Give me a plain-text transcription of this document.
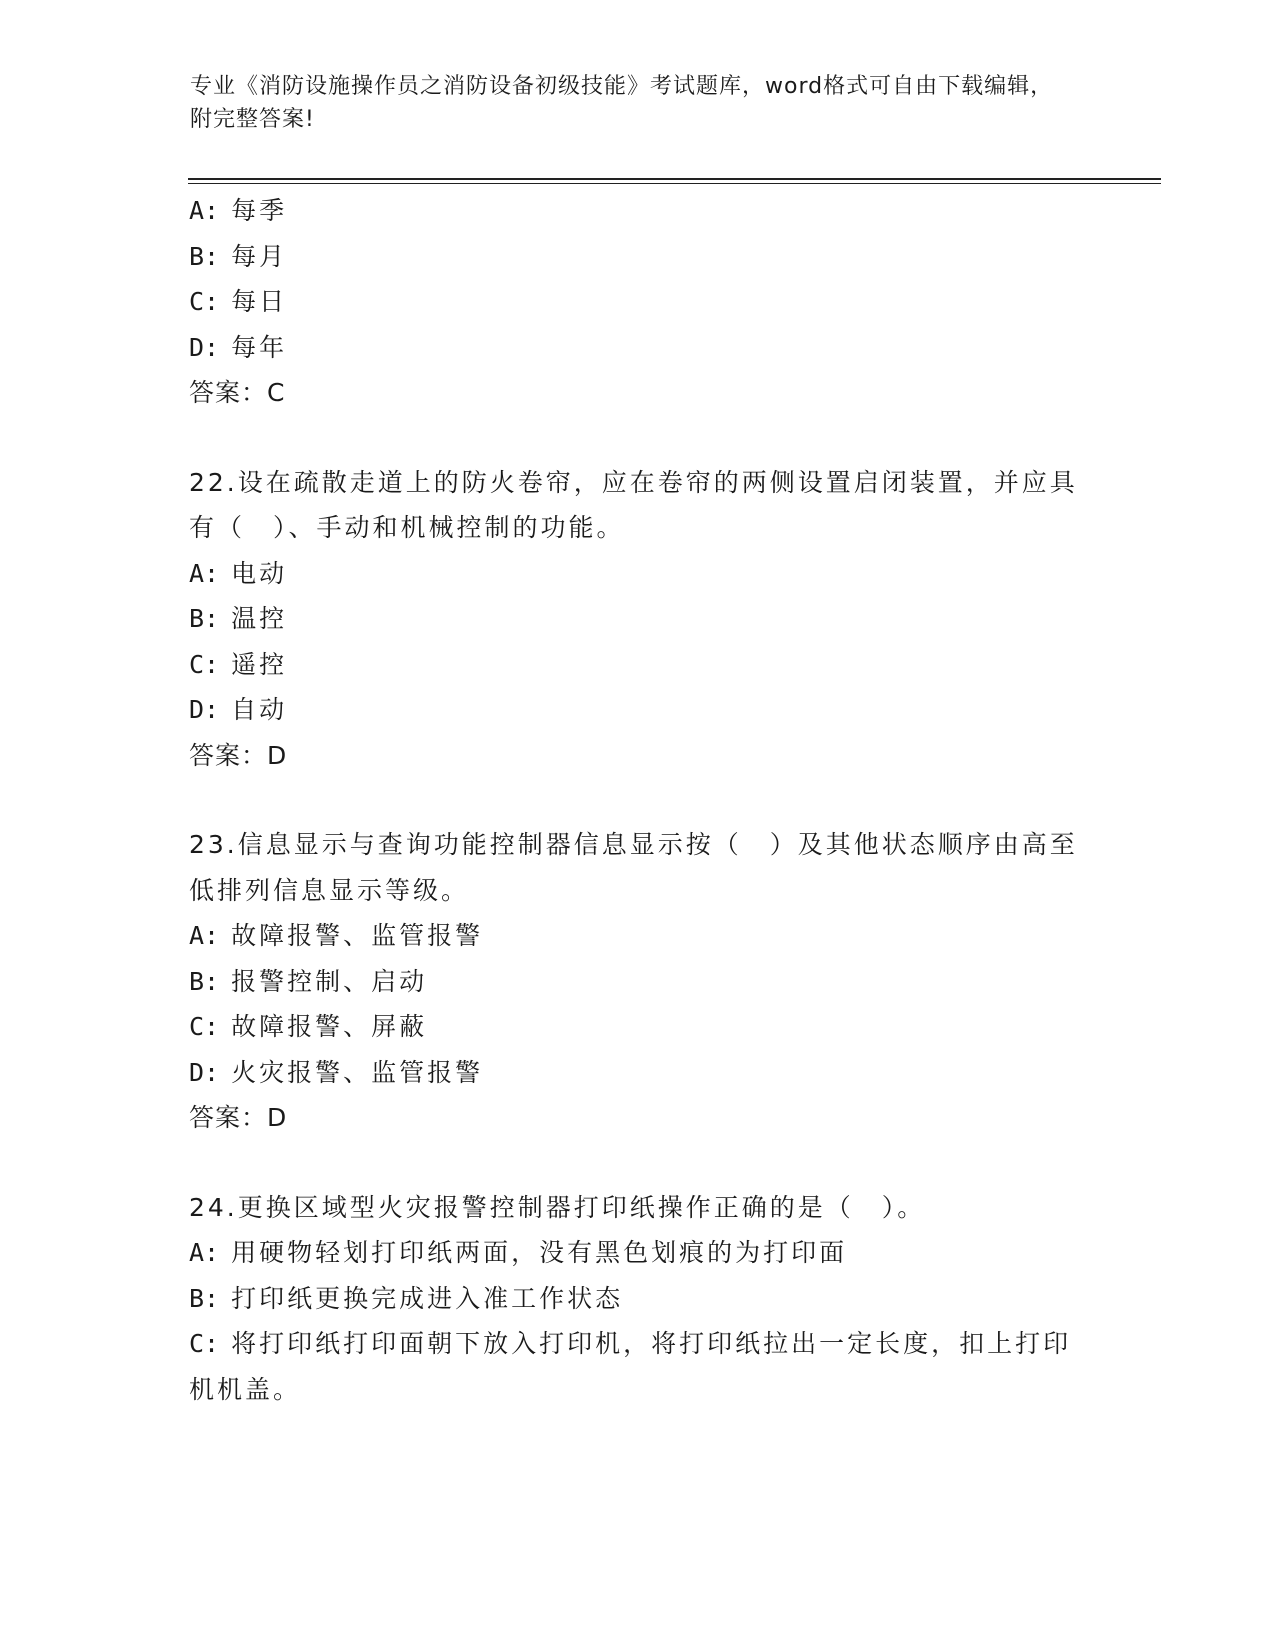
专业《消防设施操作员之消防设备初级技能》考试题库，word格式可自由下载编辑，附完整答案!
A: 每季
B: 每月
C: 每日
D: 每年
答案：C
22.设在疏散走道上的防火卷帘，应在卷帘的两侧设置启闭装置，并应具有（　）、手动和机械控制的功能。
A: 电动
B: 温控
C: 遥控
D: 自动
答案：D
23.信息显示与查询功能控制器信息显示按（　）及其他状态顺序由高至低排列信息显示等级。
A: 故障报警、监管报警
B: 报警控制、启动
C: 故障报警、屏蔽
D: 火灾报警、监管报警
答案：D
24.更换区域型火灾报警控制器打印纸操作正确的是（　）。
A: 用硬物轻划打印纸两面，没有黑色划痕的为打印面
B: 打印纸更换完成进入准工作状态
C: 将打印纸打印面朝下放入打印机，将打印纸拉出一定长度，扣上打印机机盖。
